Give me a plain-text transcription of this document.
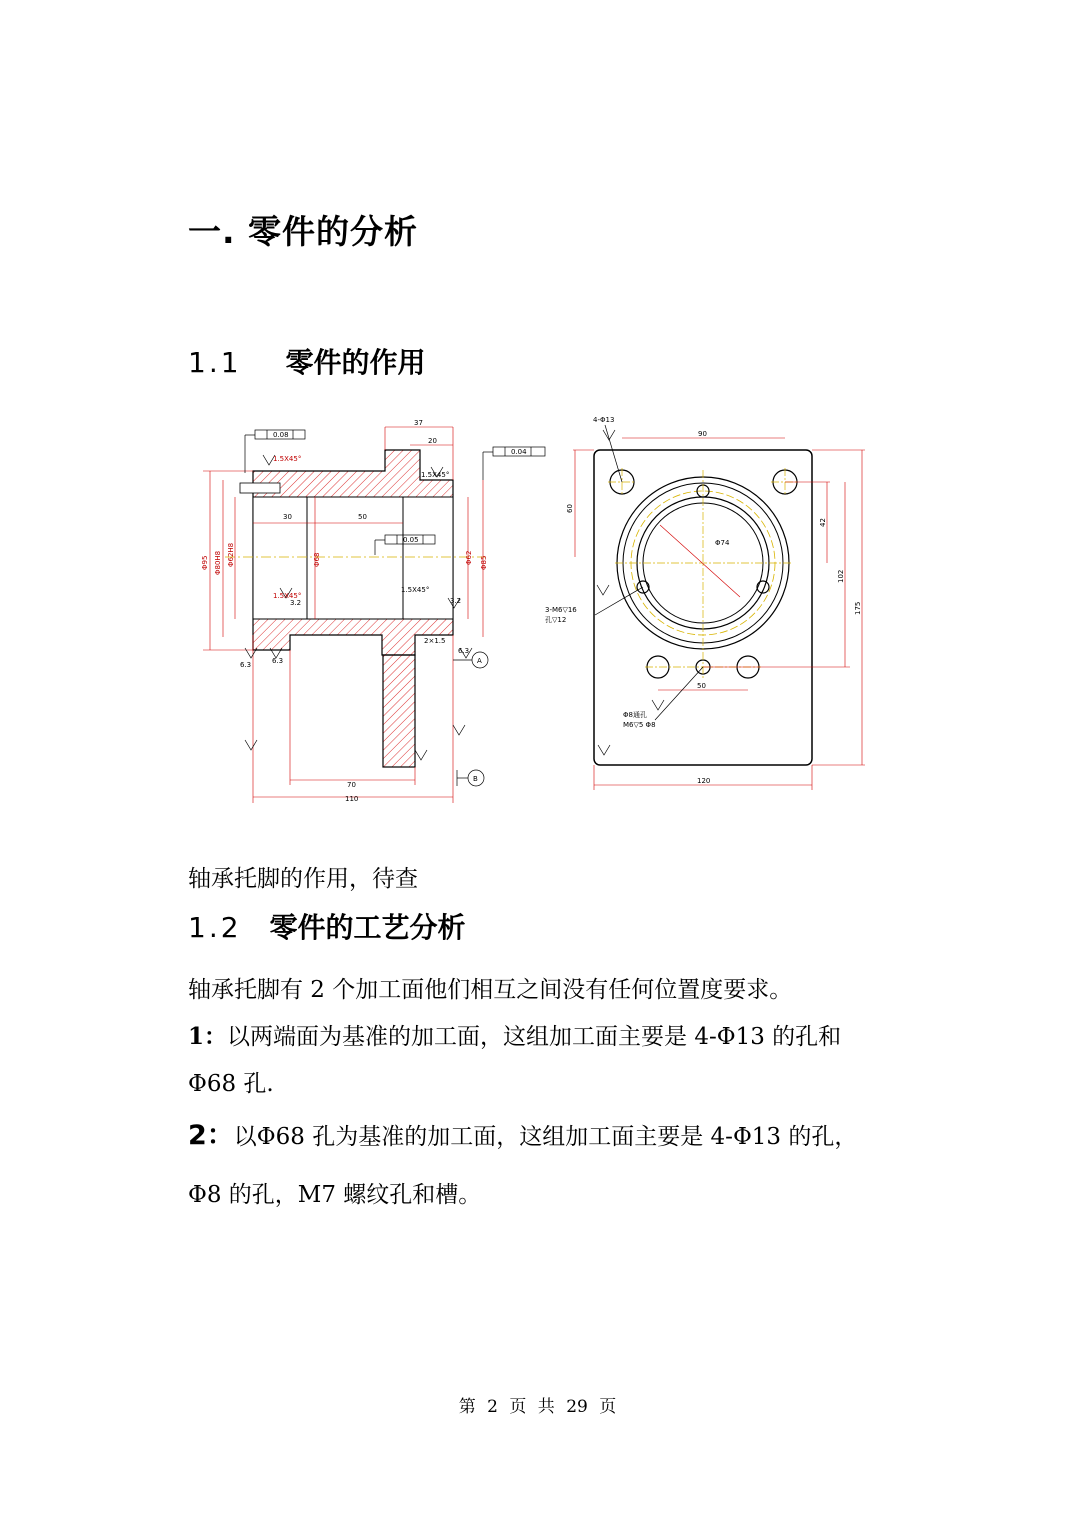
一. 零件的分析
1.1 零件的作用
37
20
30	50
70
110
0.08
0.04
0.05
A
B
2×1.5
1.5X45°
1.5X45°
6.3	6.3
6.3
3.2
3.2
1.5X45°
1.5X45°
Φ95 Φ80H8 Φ62H8	Φ68	Φ62 Φ85
4-Φ13
90
Φ74
50
120
3-M6▽16
孔▽12
Φ8通孔
M6▽5 Φ8
60
42
102
175
轴承托脚的作用，待查
1.2 零件的工艺分析
轴承托脚有 2 个加工面他们相互之间没有任何位置度要求。
1：以两端面为基准的加工面，这组加工面主要是 4-Φ13 的孔和
Φ68 孔.
2：以Φ68 孔为基准的加工面，这组加工面主要是 4-Φ13 的孔，
Φ8 的孔，M7 螺纹孔和槽。
第 2 页 共 29 页
